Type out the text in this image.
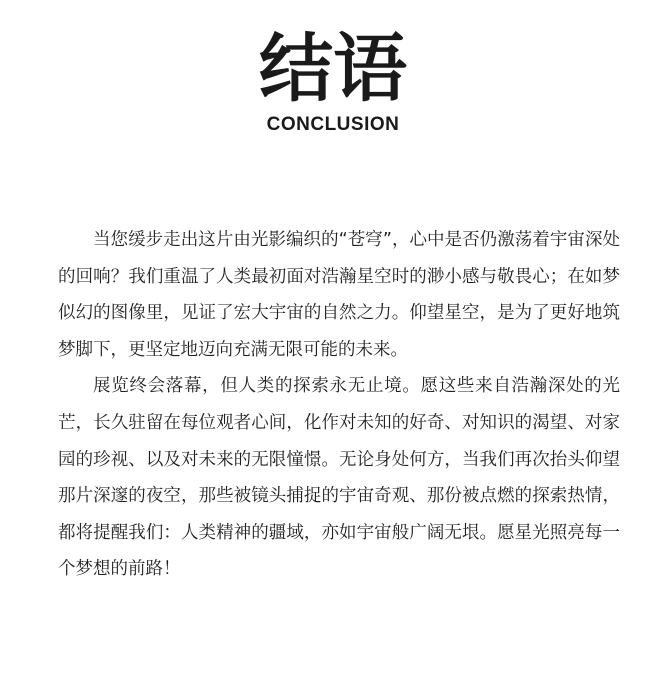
结语
CONCLUSION

当您缓步走出这片由光影编织的“苍穹”，心中是否仍激荡着宇宙深处的回响？我们重温了人类最初面对浩瀚星空时的渺小感与敬畏心；在如梦似幻的图像里，见证了宏大宇宙的自然之力。仰望星空，是为了更好地筑梦脚下，更坚定地迈向充满无限可能的未来。

展览终会落幕，但人类的探索永无止境。愿这些来自浩瀚深处的光芒，长久驻留在每位观者心间，化作对未知的好奇、对知识的渴望、对家园的珍视、以及对未来的无限憧憬。无论身处何方，当我们再次抬头仰望那片深邃的夜空，那些被镜头捕捉的宇宙奇观、那份被点燃的探索热情，都将提醒我们：人类精神的疆域，亦如宇宙般广阔无垠。愿星光照亮每一个梦想的前路！
